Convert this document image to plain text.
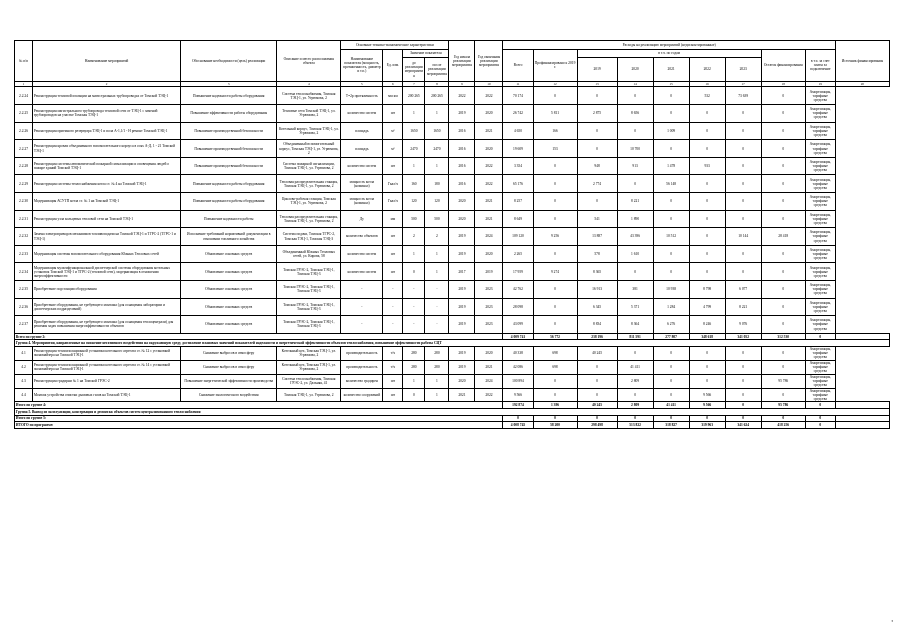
№ п/п	Наименование мероприятий	Обоснование необходимости (цель) реализации	Описание и место расположения объекта	Основные технико-экономические характеристики				Год начала реализации мероприятия	Год окончания реализации мероприятия	Расходы на реализацию мероприятий (недисконтированные)									Источник финансирования
				Наименование показателя (мощность, протяженность, диаметр и т.п.)	Ед. изм.	Значение показателя				Всего	Профинансировано к 2019 г.	в т.ч. по годам					Остаток финансирования	в т.ч. за счет платы за подключение	
						до реализации мероприятия	после реализации мероприятия					2019	2020	2021	2022	2023			
1	2	3	4	5	6	7	8	9	10	11	12	13	14	15	16	17	18	19	20
2.2.24	Реконструкция тепловой изоляции на магистральных трубопроводах от Томской ТЭЦ-1	Повышение надежности работы оборудования	Система теплоснабжения, Томская ТЭЦ-1, ул. Угрюмова, 2	Т=2р протяженность	мм км	200 265	200 265	2022	2022	70 174	0	0	0	0	532	73 639	0	Амортизация, тарифные средства	
2.2.25	Реконструкция магистрального трубопровода тепловой сети от ТЭЦ-1 с заменой трубопроводов на участке Томская ТЭЦ-1	Повышение эффективности работы оборудования	Тепловые сети Томской ТЭЦ-1, ул. Угрюмова, 2	количество систем	шт	1	1	2019	2020	26 742	5 811	2 875	8 656	0	0	0	0	Амортизация, тарифные средства	
2.2.26	Реконструкция приемного резервуара ТЭЦ-1 и пола А-1,1/1 - Н ремонт Томской ТЭЦ-1	Повышение производственной безопасности	Котельный корпус, Томская ТЭЦ-1, ул. Угрюмова, 2	площадь	м²	1650	1650	2016	2021	4 650	166	0	0	1 009	0	0	0	Амортизация, тарифные средства	
2.2.27	Реконструкция кровли объединенного вспомогательного корпуса в осях А-Д, 1 - 21 Томской ТЭЦ-1	Повышение производственной безопасности	Объединенный вспомогательный корпус, Томская ТЭЦ-1, ул. Угрюмова, 2	площадь	м²	2470	2470	2016	2020	19 609	153	0	10 700	0	0	0	0	Амортизация, тарифные средства	
2.2.28	Реконструкция системы автоматической пожарной сигнализации и оповещения людей о пожаре зданий Томской ТЭЦ-1	Повышение производственной безопасности	Система пожарной сигнализации, Томская ТЭЦ-1, ул. Угрюмова, 2	количество систем	шт	1	1	2016	2022	3 354	0	948	913	1 478	933	0	0	Амортизация, тарифные средства	
2.2.29	Реконструкция системы теплоснабжения котла ст. № 4 на Томской ТЭЦ-1	Повышение надежности работы оборудования	Тепловая распределительная станция, Томская ТЭЦ-1, ул. Угрюмова, 2	мощность котла (номинал)	Гкал/ч	160	180	2016	2022	65 176	0	2 774	0	56 148	0	0	0	Амортизация, тарифные средства	
2.2.30	Модернизация АСУТП котла ст. № 1 на Томской ТЭЦ-1	Повышение надежности работы оборудования	Циклово-рабочая станция, Томская ТЭЦ-1, ул. Угрюмова, 2	мощность котла (номинал)	Гкал/ч	120	120	2020	2021	8 257	0	0	8 221	0	0	0	0	Амортизация, тарифные средства	
2.2.31	Реконструкция узла кольцевых тепловой сети на Томской ТЭЦ-1	Повышение надежности работы	Тепловая распределительная станция, Томская ТЭЦ-1, ул. Угрюмова, 2	Ду	мм	500	500	2020	2021	8 649	0	541	1 890	0	0	0	0	Амортизация, тарифные средства	
2.2.32	Замена электроприводов механизмов топливоподачи на Томской ТЭЦ-1 и ТГРС-2 (ТГРС-1 и ТЭЦ-1)	Исполнение требований нормативной документации в отношении топливного хозяйства	Система подачи, Томская ТГРС-2, Томская ТЭЦ-1, Томская ТЭЦ-3	количество объектов	шт	2	2	2019	2024	109 120	9 256	13 887	43 396	10 512	0	10 144	28 418	Амортизация, тарифные средства	
2.2.33	Модернизация системы вспомогательного оборудования Южных Тепловых сетей	Обновление основных средств	Объединенный Южных Тепловых сетей, ул. Кирова, 58	количество систем	шт	1	1	2019	2020	2 265	0	578	1 610	0	0	0	0	Амортизация, тарифные средства	
2.2.34	Модернизация мультифункциональной диспетчерской системы оборудования котельных установок Томской ТЭЦ-1 и ТГРС-2 (тепловой сети), модернизация в отношении энергоэффективности	Обновление основных средств	Томская ГРЭС-2, Томская ТЭЦ-1, Томская ТЭЦ-3	количество систем	шт	0	1	2017	2019	17 959	9 274	8 365	0	0	0	0	0	Амортизация, тарифные средства	
2.2.35	Приобретение подстанции оборудования	Обновление основных средств	Томская ГРЭС-2, Томская ТЭЦ-1, Томская ТЭЦ-3	-	-	-	-	2019	2023	42 762	0	16 913	381	10 938	8 798	6 077	0	Амортизация, тарифные средства	
2.2.36	Приобретение оборудования, не требующего монтажа (для оснащения лаборатории и диспетчерских подразделений)	Обновление основных средств	Томская ГРЭС-2, Томская ТЭЦ-1, Томская ТЭЦ-3	-	-	-	-	2019	2023	28 098	0	6 345	5 371	1 284	4 799	8 221	0	Амортизация, тарифные средства	
2.2.37	Приобретение оборудования, не требующего монтажа (для оснащения теплоцентрали) для решения задач повышения энергоэффективности объектов	Обновление основных средств	Томская ГРЭС-2, Томская ТЭЦ-1, Томская ТЭЦ-3	-	-	-	-	2019	2023	43 099	0	8 834	8 364	6 276	8 246	9 076	0	Амортизация, тарифные средства	
Всего по группе 2:										4 009 741	56 772	238 196	811 591	277 807	348 618	341 052	312 530	0	
Группа 4. Мероприятия, направленные на снижение негативного воздействия на окружающую среду, достижение плановых значений показателей надежности и энергетической эффективности объектов теплоснабжения, повышение эффективности работы СЦТ																			
4.1	Реконструкция теплоизоляционной установки котельного агрегата ст. № 12 с установкой экономайзера на Томской ТЭЦ-1	Снижение выбросов в атмосферу	Котельный цех, Томская ТЭЦ-1, ул. Угрюмова, 2	производительность	т/ч	280	280	2019	2020	40 338	698	40 245	0	0	0	0	0	Амортизация, тарифные средства	
4.2	Реконструкция теплоизоляционной установки котельного агрегата ст. № 14 с установкой экономайзера на Томской ТЭЦ-1	Снижение выбросов в атмосферу	Котельный цех, Томская ТЭЦ-1, ул. Угрюмова, 2	производительность	т/ч	280	280	2019	2021	42 086	698	0	41 411	0	0	0	0	Амортизация, тарифные средства	
4.3	Реконструкция градирни № 1 на Томской ГРЭС-2	Повышение энергетической эффективности производства	Система теплоснабжения, Томская ГРЭС-2, ул. Дальняя, 41	количество градирен	шт	1	1	2020	2024	100 894	0	0	2 809	0	0	0	95 786	Амортизация, тарифные средства	
4.4	Монтаж устройства очистки дымовых газов на Томской ТЭЦ-1	Снижение экологического воздействия	Томская ТЭЦ-1, ул. Угрюмова, 2	количество сооружений	шт	0	1	2021	2022	9 566	0	0	0	0	9 566	0	0	Амортизация, тарифные средства	
Итого по группе 4:										192 874	1 396	40 245	2 809	41 411	9 566	0	95 786	0	
Группа 5. Вывод из эксплуатации, консервация и демонтаж объектов систем централизованного теплоснабжения																			
Итого по группе 5:										0	0	0	0	0	0	0	0	0	
ИТОГО по программе:										4 008 745	58 200	298 498	513 822	318 827	319 963	341 624	418 256	0	
3
